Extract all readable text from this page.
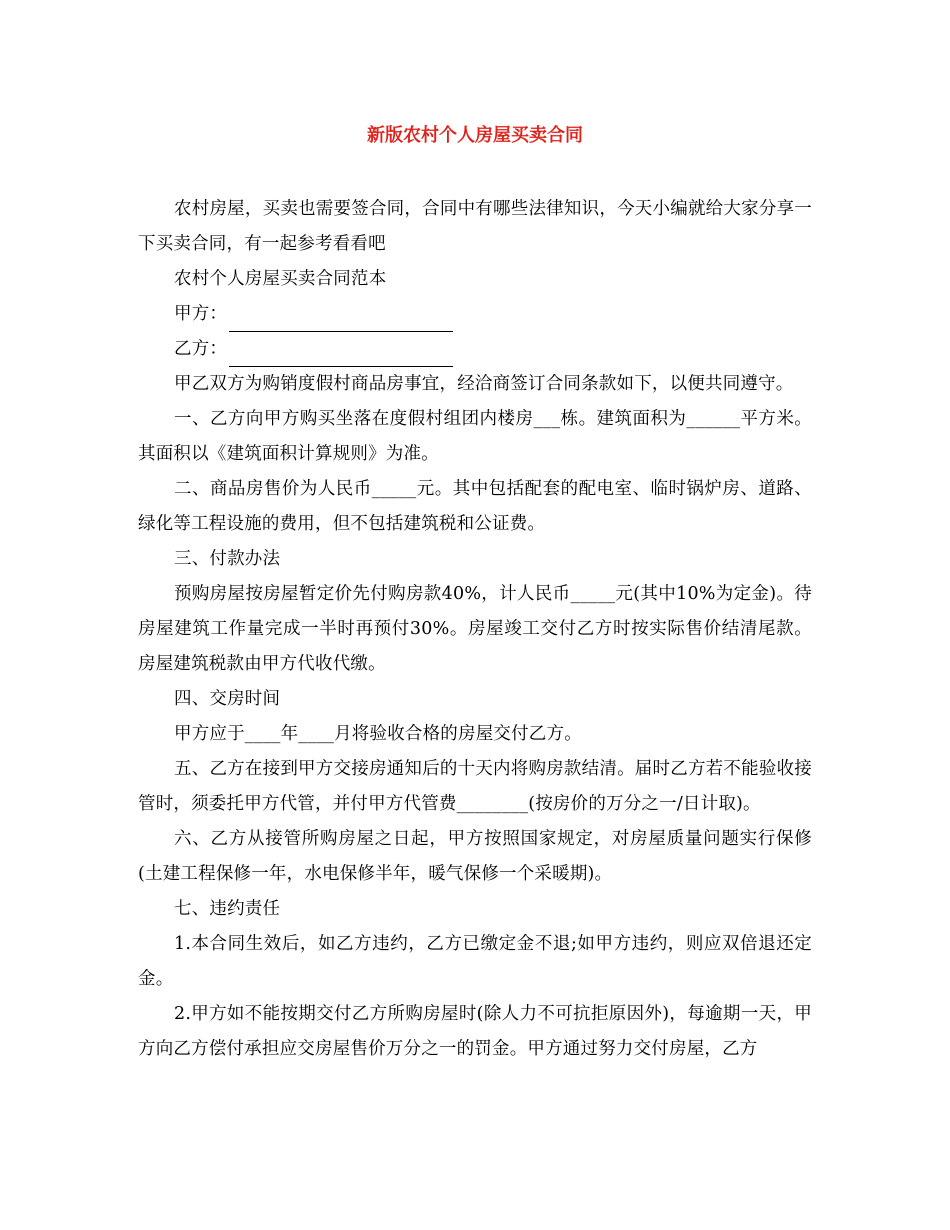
新版农村个人房屋买卖合同

农村房屋，买卖也需要签合同，合同中有哪些法律知识，今天小编就给大家分享一下买卖合同，有一起参考看看吧

农村个人房屋买卖合同范本

甲方：

乙方：

甲乙双方为购销度假村商品房事宜，经洽商签订合同条款如下，以便共同遵守。

一、乙方向甲方购买坐落在度假村组团内楼房___栋。建筑面积为______平方米。其面积以《建筑面积计算规则》为准。

二、商品房售价为人民币_____元。其中包括配套的配电室、临时锅炉房、道路、绿化等工程设施的费用，但不包括建筑税和公证费。

三、付款办法

预购房屋按房屋暂定价先付购房款40%，计人民币_____元(其中10%为定金)。待房屋建筑工作量完成一半时再预付30%。房屋竣工交付乙方时按实际售价结清尾款。房屋建筑税款由甲方代收代缴。

四、交房时间

甲方应于____年____月将验收合格的房屋交付乙方。

五、乙方在接到甲方交接房通知后的十天内将购房款结清。届时乙方若不能验收接管时，须委托甲方代管，并付甲方代管费________(按房价的万分之一/日计取)。

六、乙方从接管所购房屋之日起，甲方按照国家规定，对房屋质量问题实行保修(土建工程保修一年，水电保修半年，暖气保修一个采暖期)。

七、违约责任

1.本合同生效后，如乙方违约，乙方已缴定金不退;如甲方违约，则应双倍退还定金。

2.甲方如不能按期交付乙方所购房屋时(除人力不可抗拒原因外)，每逾期一天，甲方向乙方偿付承担应交房屋售价万分之一的罚金。甲方通过努力交付房屋，乙方
